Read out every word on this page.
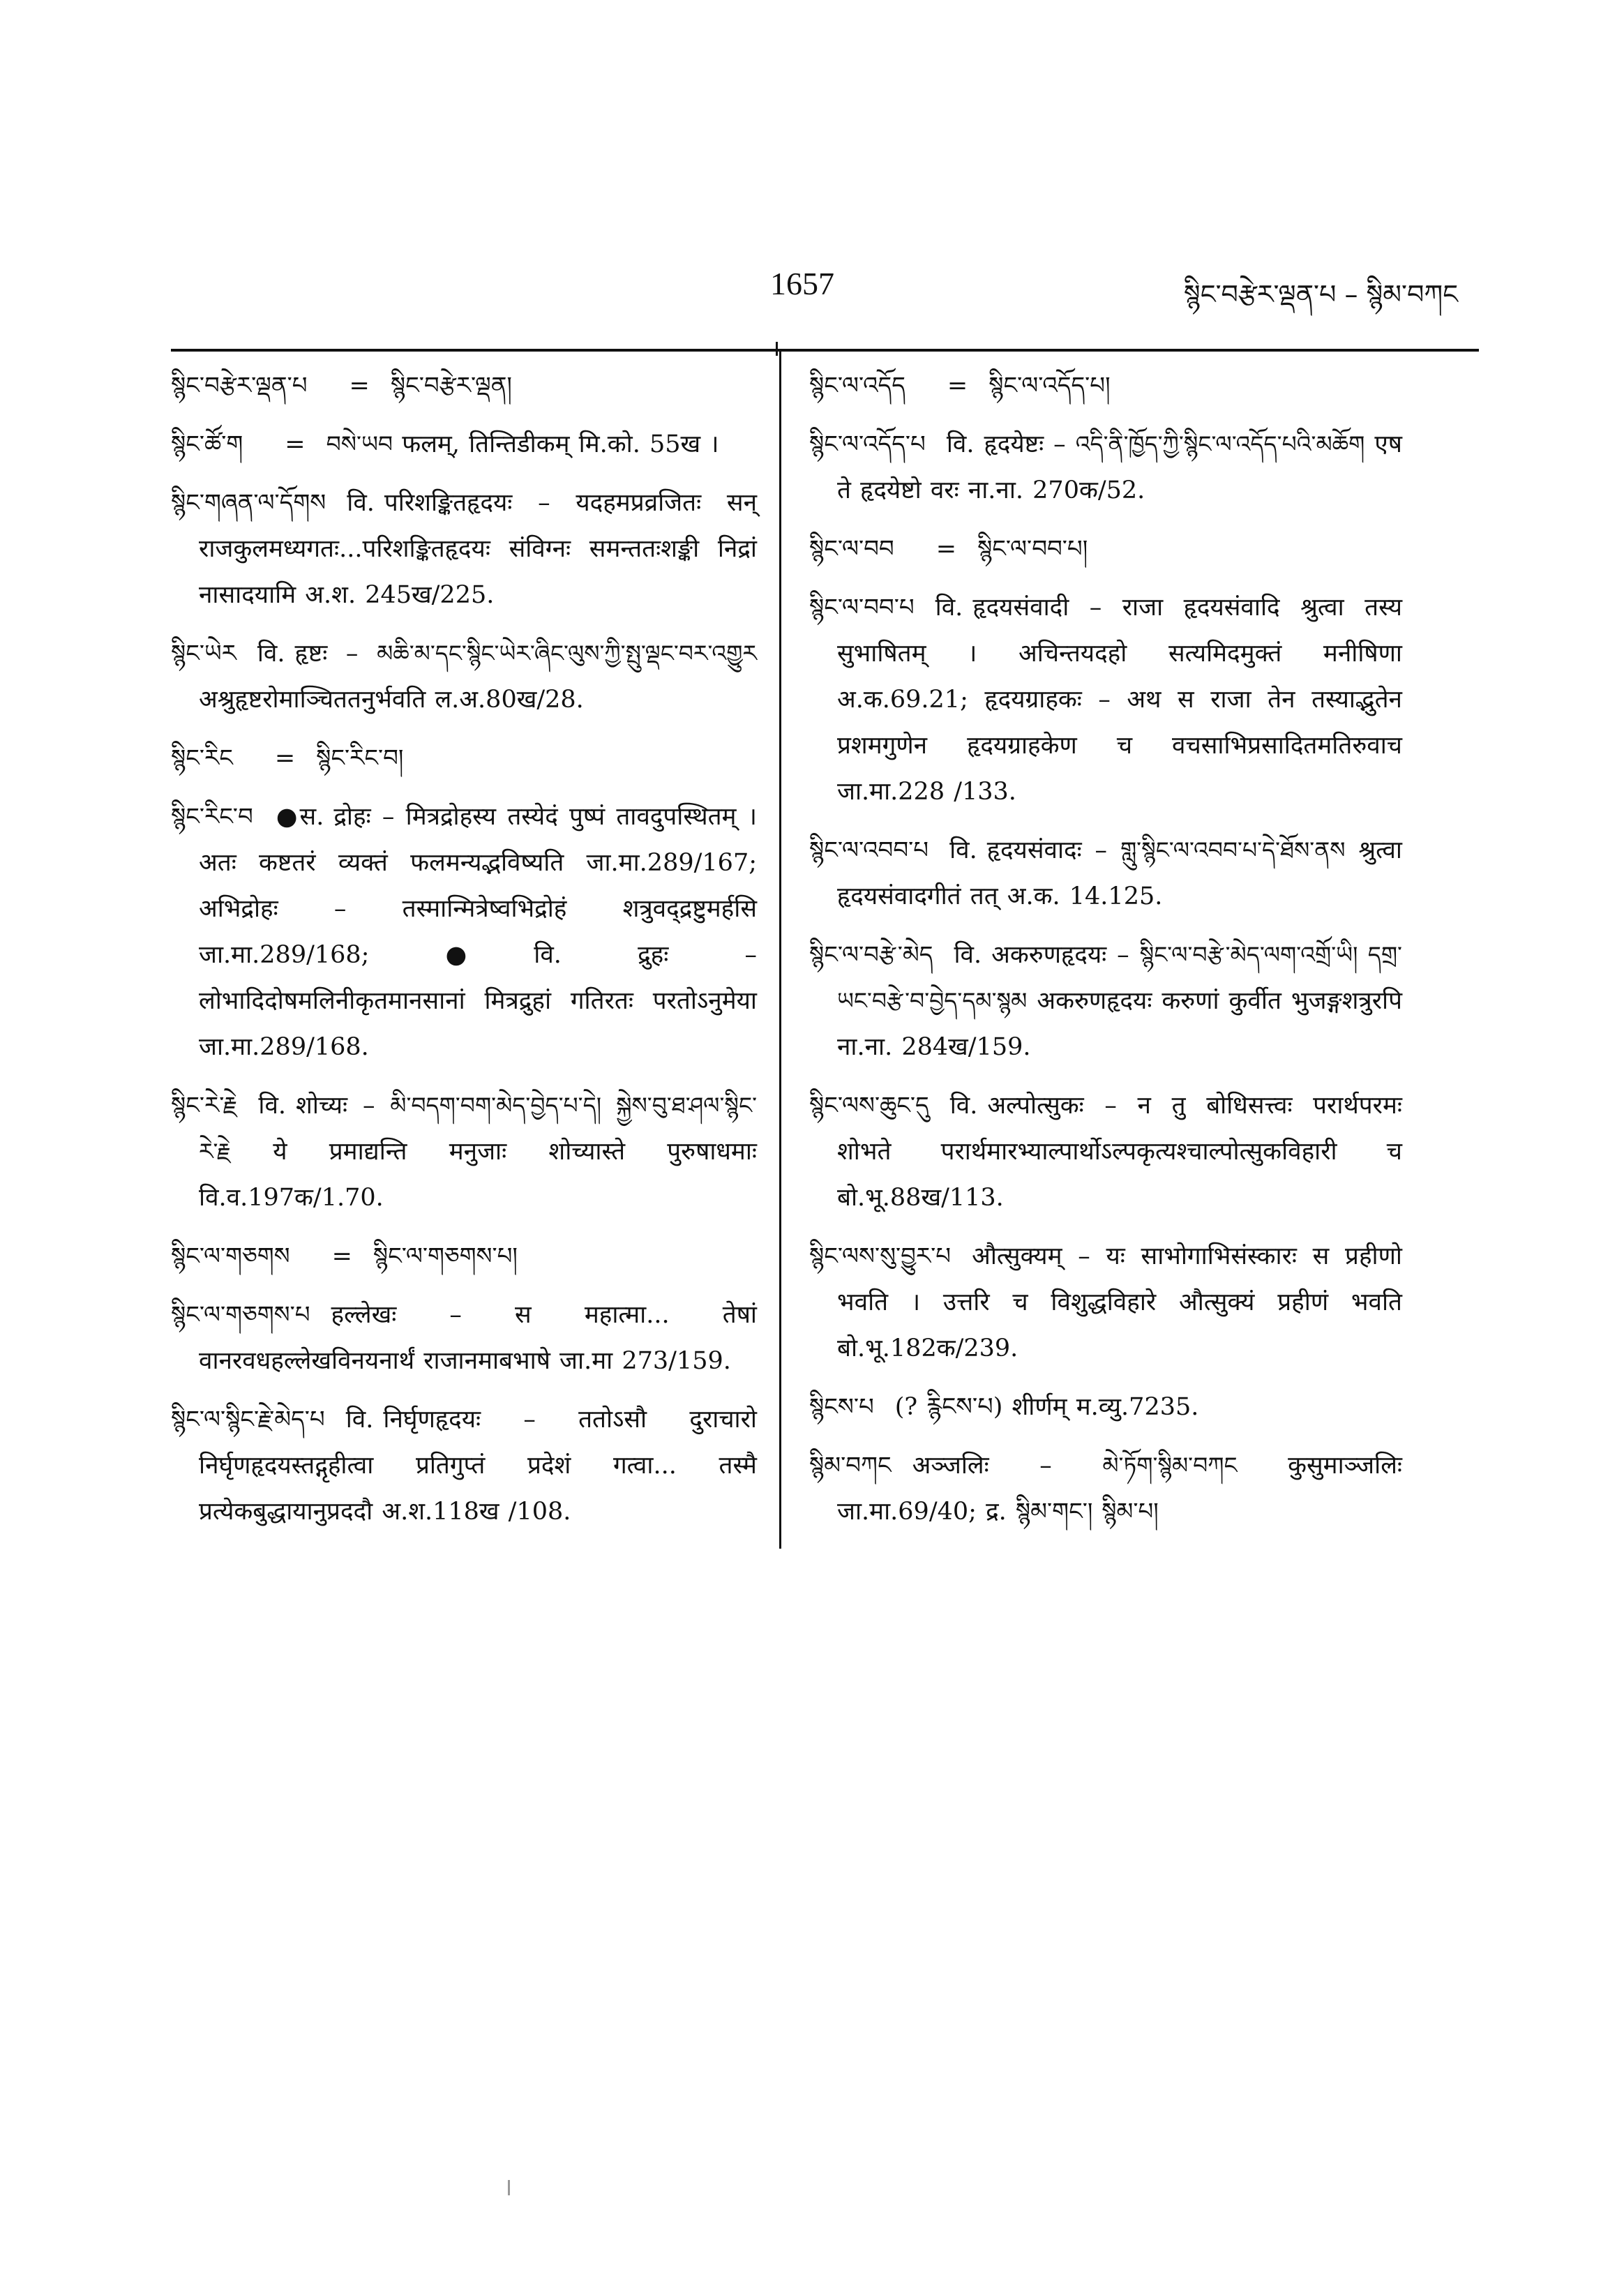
1657	སྙིང་བརྩེར་ལྡན་པ – སྙིམ་བཀང

སྙིང་བརྩེར་ལྡན་པ = སྙིང་བརྩེར་ལྡན།

སྙིང་ཚོ་ག = བསེ་ཡབ फलम्, तिन्तिडीकम् मि.को. 55ख ।

སྙིང་གཞན་ལ་དོགས वि. परिशङ्कितहृदयः – यदहमप्रव्रजितः सन् राजकुलमध्यगतः...परिशङ्कितहृदयः संविग्नः समन्ततःशङ्की निद्रां नासादयामि अ.श. 245ख/225.

སྙིང་ཡེར वि. हृष्टः – མཆི་མ་དང་སྙིང་ཡེར་ཞིང་ལུས་ཀྱི་སྤུ་ལྡང་བར་འགྱུར अश्रुहृष्टरोमाञ्चिततनुर्भवति ल.अ.80ख/28.

སྙིང་རིང = སྙིང་རིང་བ།

སྙིང་རིང་བ ●स. द्रोहः – मित्रद्रोहस्य तस्येदं पुष्पं तावदुपस्थितम् । अतः कष्टतरं व्यक्तं फलमन्यद्भविष्यति जा.मा.289/167; अभिद्रोहः – तस्मान्मित्रेष्वभिद्रोहं शत्रुवद्द्रष्टुमर्हसि जा.मा.289/168; ●वि. द्रुहः – लोभादिदोषमलिनीकृतमानसानां मित्रद्रुहां गतिरतः परतोऽनुमेया जा.मा.289/168.

སྙིང་རེ་རྗེ वि. शोच्यः – མི་བདག་བག་མེད་བྱེད་པ་དེ། སྐྱེས་བུ་ཐ་ཤལ་སྙིང་རེ་རྗེ ये प्रमाद्यन्ति मनुजाः शोच्यास्ते पुरुषाधमाः वि.व.197क/1.70.

སྙིང་ལ་གཅགས = སྙིང་ལ་གཅགས་པ།

སྙིང་ལ་གཅགས་པ हल्लेखः – स महात्मा... तेषां वानरवधहल्लेखविनयनार्थं राजानमाबभाषे जा.मा 273/159.

སྙིང་ལ་སྙིང་རྗེ་མེད་པ वि. निर्घृणहृदयः – ततोऽसौ दुराचारो निर्घृणहृदयस्तद्गृहीत्वा प्रतिगुप्तं प्रदेशं गत्वा... तस्मै प्रत्येकबुद्धायानुप्रददौ अ.श.118ख /108.

སྙིང་ལ་འདོད = སྙིང་ལ་འདོད་པ།

སྙིང་ལ་འདོད་པ वि. हृदयेष्टः – འདི་ནི་ཁྱོད་ཀྱི་སྙིང་ལ་འདོད་པའི་མཆོག एष ते हृदयेष्टो वरः ना.ना. 270क/52.

སྙིང་ལ་བབ = སྙིང་ལ་བབ་པ།

སྙིང་ལ་བབ་པ वि. हृदयसंवादी – राजा हृदयसंवादि श्रुत्वा तस्य सुभाषितम् । अचिन्तयदहो सत्यमिदमुक्तं मनीषिणा अ.क.69.21; हृदयग्राहकः – अथ स राजा तेन तस्याद्भुतेन प्रशमगुणेन हृदयग्राहकेण च वचसाभिप्रसादितमतिरुवाच जा.मा.228 /133.

སྙིང་ལ་འབབ་པ वि. हृदयसंवादः – གླུ་སྙིང་ལ་འབབ་པ་དེ་ཐོས་ནས श्रुत्वा हृदयसंवादगीतं तत् अ.क. 14.125.

སྙིང་ལ་བརྩེ་མེད वि. अकरुणहृदयः – སྙིང་ལ་བརྩེ་མེད་ལག་འགྲོ་ཡི། དགྲ་ཡང་བརྩེ་བ་བྱེད་དམ་སྙམ अकरुणहृदयः करुणां कुर्वीत भुजङ्गशत्रुरपि ना.ना. 284ख/159.

སྙིང་ལས་ཆུང་དུ वि. अल्पोत्सुकः – न तु बोधिसत्त्वः परार्थपरमः शोभते परार्थमारभ्याल्पार्थोऽल्पकृत्यश्चाल्पोत्सुकविहारी च बो.भू.88ख/113.

སྙིང་ལས་སུ་བྱུར་པ औत्सुक्यम् – यः साभोगाभिसंस्कारः स प्रहीणो भवति । उत्तरि च विशुद्धविहारे औत्सुक्यं प्रहीणं भवति बो.भू.182क/239.

སྙིངས་པ (? རྙིངས་པ) शीर्णम् म.व्यु.7235.

སྙིམ་བཀང अञ्जलिः – མེ་ཏོག་སྙིམ་བཀང कुसुमाञ्जलिः जा.मा.69/40; द्र. སྙིམ་གང་། སྙིམ་པ།
